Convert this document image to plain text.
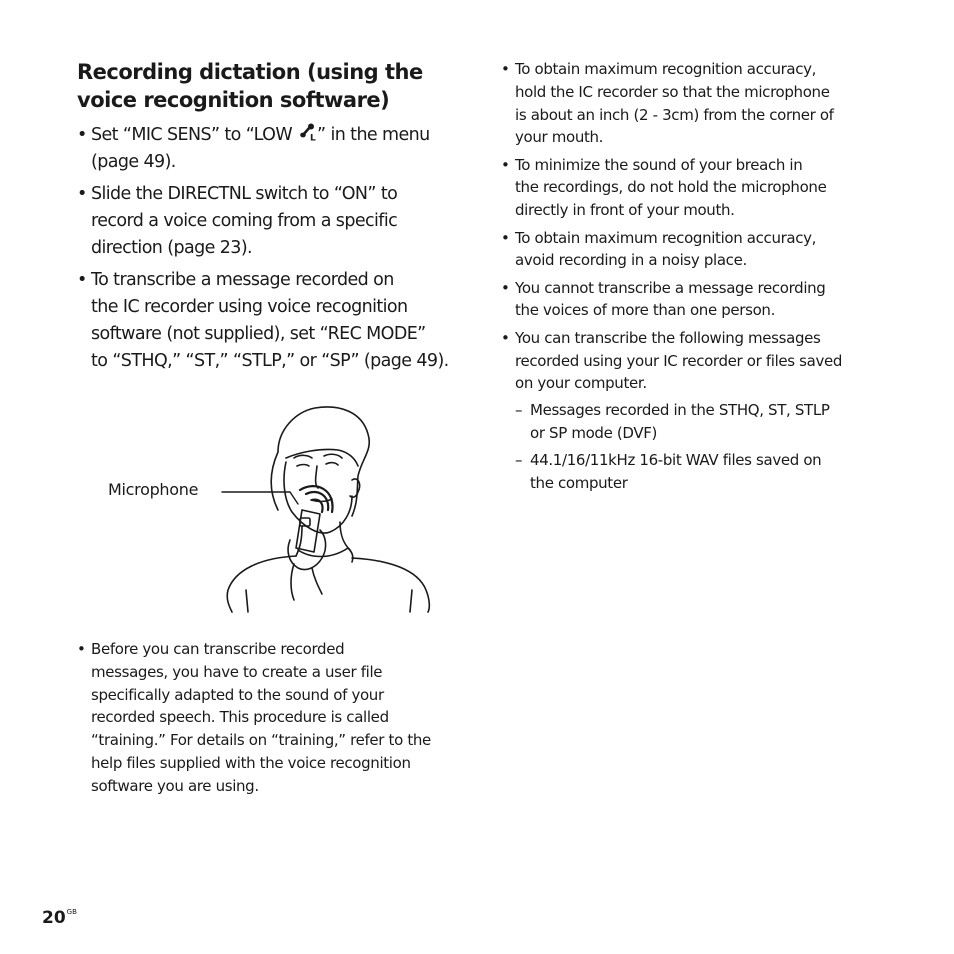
Recording dictation (using the
voice recognition software)
• Set “MIC SENS” to “LOW L ” in the menu
(page 49).
• Slide the DIRECTNL switch to “ON” to
record a voice coming from a specific
direction (page 23).
• To transcribe a message recorded on
the IC recorder using voice recognition
software (not supplied), set “REC MODE”
to “STHQ,” “ST,” “STLP,” or “SP” (page 49).
Microphone
• Before you can transcribe recorded
messages, you have to create a user file
specifically adapted to the sound of your
recorded speech. This procedure is called
“training.” For details on “training,” refer to the
help files supplied with the voice recognition
software you are using.
• To obtain maximum recognition accuracy,
hold the IC recorder so that the microphone
is about an inch (2 - 3cm) from the corner of
your mouth.
• To minimize the sound of your breach in
the recordings, do not hold the microphone
directly in front of your mouth.
• To obtain maximum recognition accuracy,
avoid recording in a noisy place.
• You cannot transcribe a message recording
the voices of more than one person.
• You can transcribe the following messages
recorded using your IC recorder or files saved
on your computer.
– Messages recorded in the STHQ, ST, STLP
or SP mode (DVF)
– 44.1/16/11kHz 16-bit WAV files saved on
the computer
$20^{GB}$
